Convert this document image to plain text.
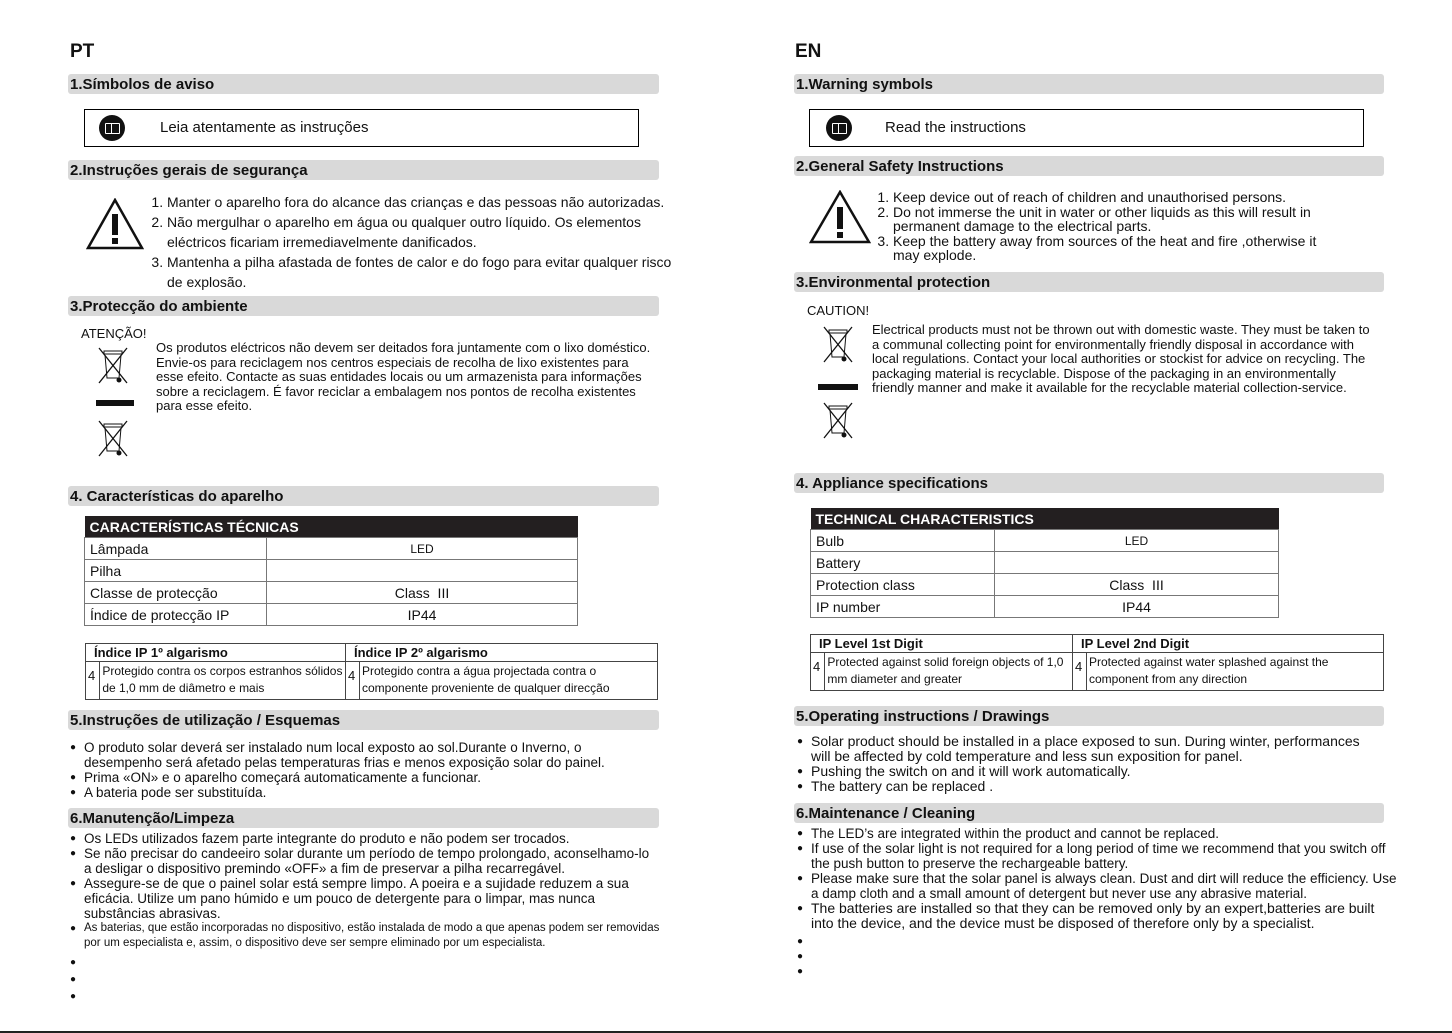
PT
1.Símbolos de aviso
Leia atentamente as instruções
2.Instruções gerais de segurança
1. Manter o aparelho fora do alcance das crianças e das pessoas não autorizadas.
2. Não mergulhar o aparelho em água ou qualquer outro líquido. Os elementos eléctricos ficariam irremediavelmente danificados.
3. Mantenha a pilha afastada de fontes de calor e do fogo para evitar qualquer risco de explosão.
3.Protecção do ambiente
ATENÇÃO!
Os produtos eléctricos não devem ser deitados fora juntamente com o lixo doméstico. Envie-os para reciclagem nos centros especiais de recolha de lixo existentes para esse efeito. Contacte as suas entidades locais ou um armazenista para informações sobre a reciclagem. É favor reciclar a embalagem nos pontos de recolha existentes para esse efeito.
4. Características do aparelho
CARACTERÍSTICAS TÉCNICAS	
Lâmpada	LED
Pilha	
Classe de protecção	Class  III
Índice de protecção IP	IP44
Índice IP 1º algarismo		Índice IP 2º algarismo	
4	Protegido contra os corpos estranhos sólidos de 1,0 mm de diâmetro e mais	4	Protegido contra a água projectada contra o componente proveniente de qualquer direcção
5.Instruções de utilização / Esquemas
● O produto solar deverá ser instalado num local exposto ao sol.Durante o Inverno, o desempenho será afetado pelas temperaturas frias e menos exposição solar do painel.
● Prima «ON» e o aparelho começará automaticamente a funcionar.
● A bateria pode ser substituída.
6.Manutenção/Limpeza
● Os LEDs utilizados fazem parte integrante do produto e não podem ser trocados.
● Se não precisar do candeeiro solar durante um período de tempo prolongado, aconselhamo-lo a desligar o dispositivo premindo «OFF» a fim de preservar a pilha recarregável.
● Assegure-se de que o painel solar está sempre limpo. A poeira e a sujidade reduzem a sua eficácia. Utilize um pano húmido e um pouco de detergente para o limpar, mas nunca substâncias abrasivas.
● As baterias, que estão incorporadas no dispositivo, estão instalada de modo a que apenas podem ser removidas por um especialista e, assim, o dispositivo deve ser sempre eliminado por um especialista.
●
●
●
EN
1.Warning symbols
Read the instructions
2.General Safety Instructions
1. Keep device out of reach of children and unauthorised persons.
2. Do not immerse the unit in water or other liquids as this will result in permanent damage to the electrical parts.
3. Keep the battery away from sources of the heat and fire ,otherwise it may explode.
3.Environmental protection
CAUTION!
Electrical products must not be thrown out with domestic waste. They must be taken to a communal collecting point for environmentally friendly disposal in accordance with local regulations. Contact your local authorities or stockist for advice on recycling. The packaging material is recyclable. Dispose of the packaging in an environmentally friendly manner and make it available for the recyclable material collection-service.
4. Appliance specifications
TECHNICAL CHARACTERISTICS	
Bulb	LED
Battery	
Protection class	Class  III
IP number	IP44
IP Level 1st Digit		IP Level 2nd Digit	
4	Protected against solid foreign objects of 1,0 mm diameter and greater	4	Protected against water splashed against the component from any direction
5.Operating instructions / Drawings
● Solar product should be installed in a place exposed to sun. During winter, performances will be affected by cold temperature and less sun exposition for panel.
● Pushing the switch on and it will work automatically.
● The battery can be replaced .
6.Maintenance / Cleaning
● The LED’s are integrated within the product and cannot be replaced.
● If use of the solar light is not required for a long period of time we recommend that you switch off the push button to preserve the rechargeable battery.
● Please make sure that the solar panel is always clean. Dust and dirt will reduce the efficiency. Use a damp cloth and a small amount of detergent but never use any abrasive material.
● The batteries are installed so that they can be removed only by an expert,batteries are built into the device, and the device must be disposed of therefore only by a specialist.
●
●
●
